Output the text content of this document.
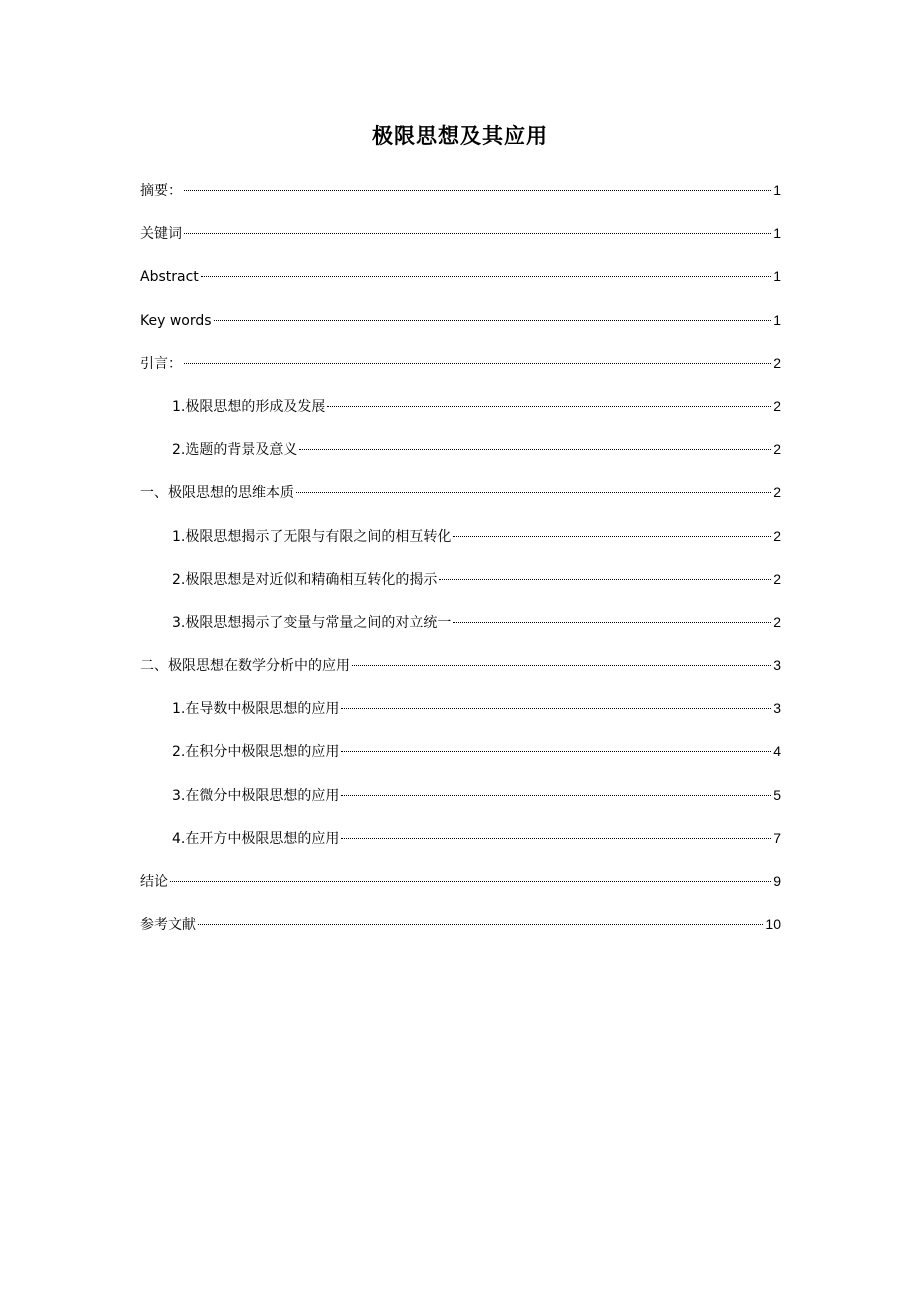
极限思想及其应用
摘要：	1
关键词	1
Abstract	1
Key words	1
引言：	2
1.极限思想的形成及发展	2
2.选题的背景及意义	2
一、极限思想的思维本质	2
1.极限思想揭示了无限与有限之间的相互转化	2
2.极限思想是对近似和精确相互转化的揭示	2
3.极限思想揭示了变量与常量之间的对立统一	2
二、极限思想在数学分析中的应用	3
1.在导数中极限思想的应用	3
2.在积分中极限思想的应用	4
3.在微分中极限思想的应用	5
4.在开方中极限思想的应用	7
结论	9
参考文献	10
